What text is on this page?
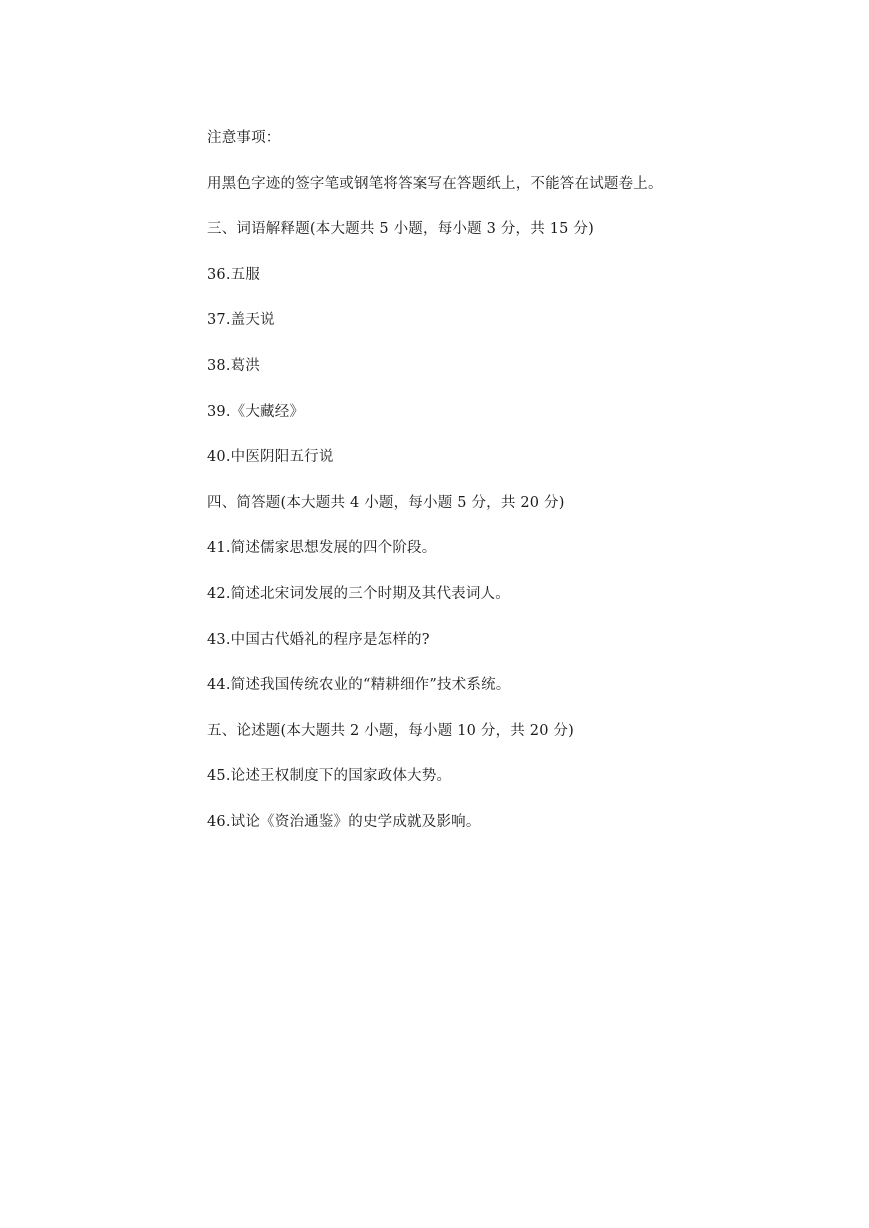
注意事项：
用黑色字迹的签字笔或钢笔将答案写在答题纸上，不能答在试题卷上。
三、词语解释题(本大题共 5 小题，每小题 3 分，共 15 分)
36.五服
37.盖天说
38.葛洪
39.《大藏经》
40.中医阴阳五行说
四、简答题(本大题共 4 小题，每小题 5 分，共 20 分)
41.简述儒家思想发展的四个阶段。
42.简述北宋词发展的三个时期及其代表词人。
43.中国古代婚礼的程序是怎样的?
44.简述我国传统农业的“精耕细作”技术系统。
五、论述题(本大题共 2 小题，每小题 10 分，共 20 分)
45.论述王权制度下的国家政体大势。
46.试论《资治通鉴》的史学成就及影响。
